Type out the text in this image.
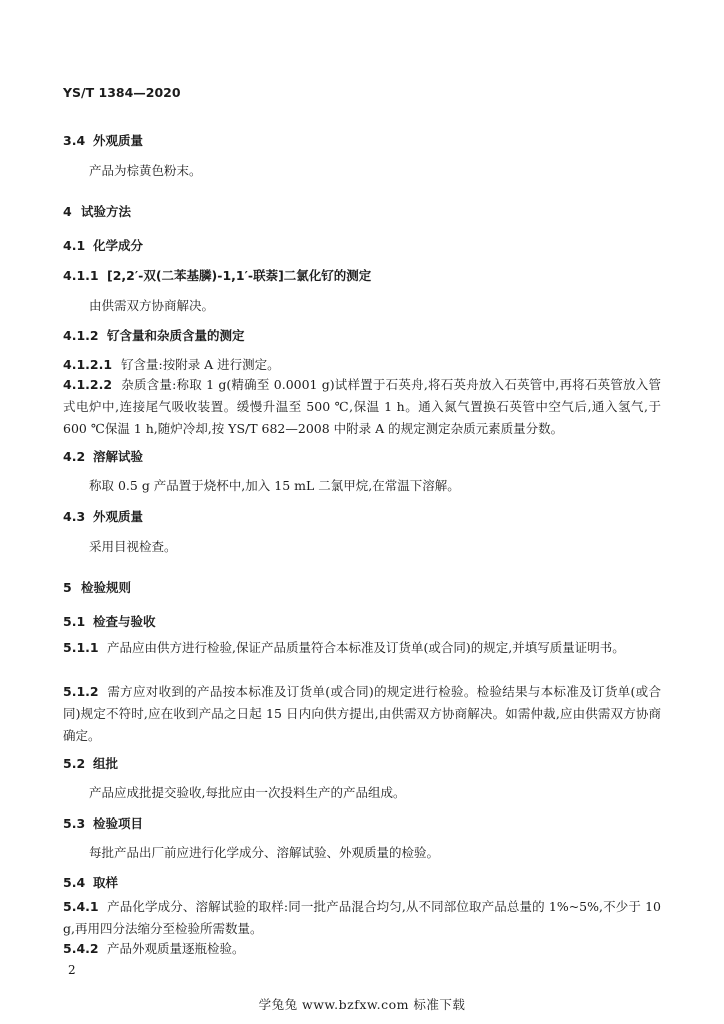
YS/T 1384—2020
3.4 外观质量
产品为棕黄色粉末。
4 试验方法
4.1 化学成分
4.1.1 [2,2′-双(二苯基膦)-1,1′-联萘]二氯化钌的测定
由供需双方协商解决。
4.1.2 钌含量和杂质含量的测定
4.1.2.1 钌含量:按附录 A 进行测定。
4.1.2.2 杂质含量:称取 1 g(精确至 0.0001 g)试样置于石英舟,将石英舟放入石英管中,再将石英管放入管式电炉中,连接尾气吸收装置。缓慢升温至 500 ℃,保温 1 h。通入氮气置换石英管中空气后,通入氢气,于 600 ℃保温 1 h,随炉冷却,按 YS/T 682—2008 中附录 A 的规定测定杂质元素质量分数。
4.2 溶解试验
称取 0.5 g 产品置于烧杯中,加入 15 mL 二氯甲烷,在常温下溶解。
4.3 外观质量
采用目视检查。
5 检验规则
5.1 检查与验收
5.1.1 产品应由供方进行检验,保证产品质量符合本标准及订货单(或合同)的规定,并填写质量证明书。
5.1.2 需方应对收到的产品按本标准及订货单(或合同)的规定进行检验。检验结果与本标准及订货单(或合同)规定不符时,应在收到产品之日起 15 日内向供方提出,由供需双方协商解决。如需仲裁,应由供需双方协商确定。
5.2 组批
产品应成批提交验收,每批应由一次投料生产的产品组成。
5.3 检验项目
每批产品出厂前应进行化学成分、溶解试验、外观质量的检验。
5.4 取样
5.4.1 产品化学成分、溶解试验的取样:同一批产品混合均匀,从不同部位取产品总量的 1%~5%,不少于 10 g,再用四分法缩分至检验所需数量。
5.4.2 产品外观质量逐瓶检验。
2
学兔兔 www.bzfxw.com 标准下载
